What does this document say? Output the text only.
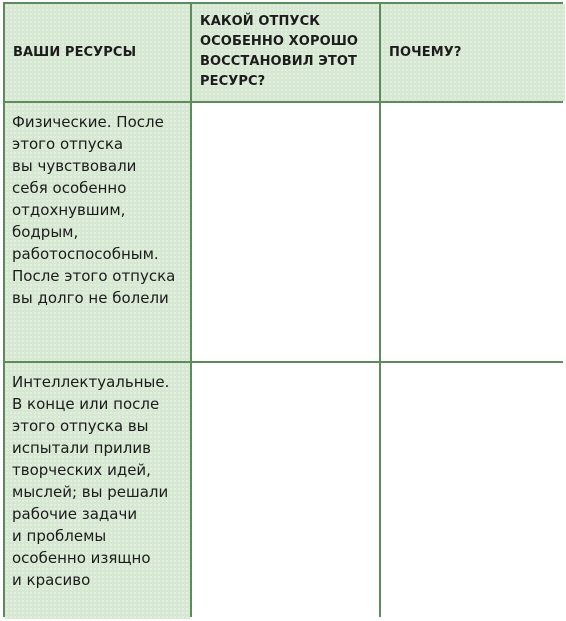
ВАШИ РЕСУРСЫ
КАКОЙ ОТПУСК ОСОБЕННО ХОРОШО ВОССТАНОВИЛ ЭТОТ РЕСУРС?
ПОЧЕМУ?
Физические. После
этого отпуска
вы чувствовали
себя особенно
отдохнувшим,
бодрым,
работоспособным.
После этого отпуска
вы долго не болели
Интеллектуальные.
В конце или после
этого отпуска вы
испытали прилив
творческих идей,
мыслей; вы решали
рабочие задачи
и проблемы
особенно изящно
и красиво
